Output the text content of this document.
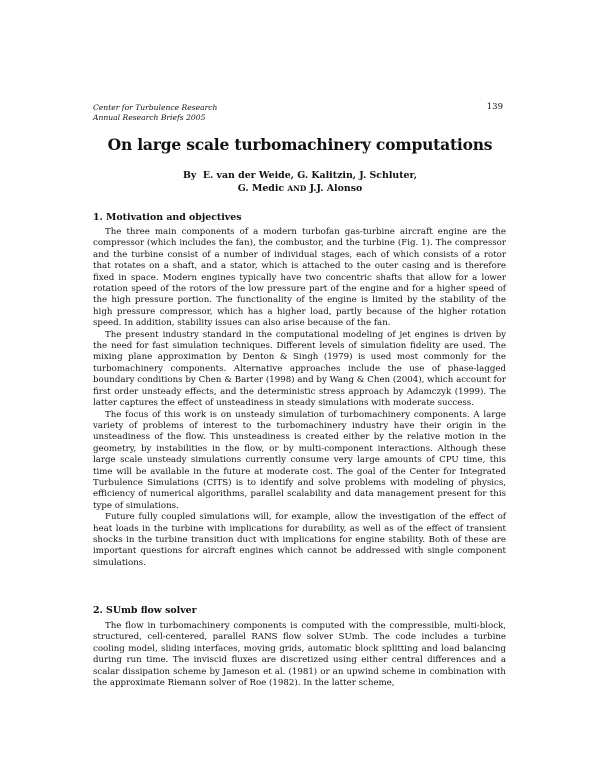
Center for Turbulence Research
Annual Research Briefs 2005
139
On large scale turbomachinery computations
By E. van der Weide, G. Kalitzin, J. Schluter,
G. Medic AND J.J. Alonso
1. Motivation and objectives

The three main components of a modern turbofan gas-turbine aircraft engine are the compressor (which includes the fan), the combustor, and the turbine (Fig. 1). The compressor and the turbine consist of a number of individual stages, each of which consists of a rotor that rotates on a shaft, and a stator, which is attached to the outer casing and is therefore fixed in space. Modern engines typically have two concentric shafts that allow for a lower rotation speed of the rotors of the low pressure part of the engine and for a higher speed of the high pressure portion. The functionality of the engine is limited by the stability of the high pressure compressor, which has a higher load, partly because of the higher rotation speed. In addition, stability issues can also arise because of the fan.

The present industry standard in the computational modeling of jet engines is driven by the need for fast simulation techniques. Different levels of simulation fidelity are used. The mixing plane approximation by Denton & Singh (1979) is used most commonly for the turbomachinery components. Alternative approaches include the use of phase-lagged boundary conditions by Chen & Barter (1998) and by Wang & Chen (2004), which account for first order unsteady effects, and the deterministic stress approach by Adamczyk (1999). The latter captures the effect of unsteadiness in steady simulations with moderate success.

The focus of this work is on unsteady simulation of turbomachinery components. A large variety of problems of interest to the turbomachinery industry have their origin in the unsteadiness of the flow. This unsteadiness is created either by the relative motion in the geometry, by instabilities in the flow, or by multi-component interactions. Although these large scale unsteady simulations currently consume very large amounts of CPU time, this time will be available in the future at moderate cost. The goal of the Center for Integrated Turbulence Simulations (CITS) is to identify and solve problems with modeling of physics, efficiency of numerical algorithms, parallel scalability and data management present for this type of simulations.

Future fully coupled simulations will, for example, allow the investigation of the effect of heat loads in the turbine with implications for durability, as well as of the effect of transient shocks in the turbine transition duct with implications for engine stability. Both of these are important questions for aircraft engines which cannot be addressed with single component simulations.

2. SUmb flow solver

The flow in turbomachinery components is computed with the compressible, multi-block, structured, cell-centered, parallel RANS flow solver SUmb. The code includes a turbine cooling model, sliding interfaces, moving grids, automatic block splitting and load balancing during run time. The inviscid fluxes are discretized using either central differences and a scalar dissipation scheme by Jameson et al. (1981) or an upwind scheme in combination with the approximate Riemann solver of Roe (1982). In the latter scheme,
